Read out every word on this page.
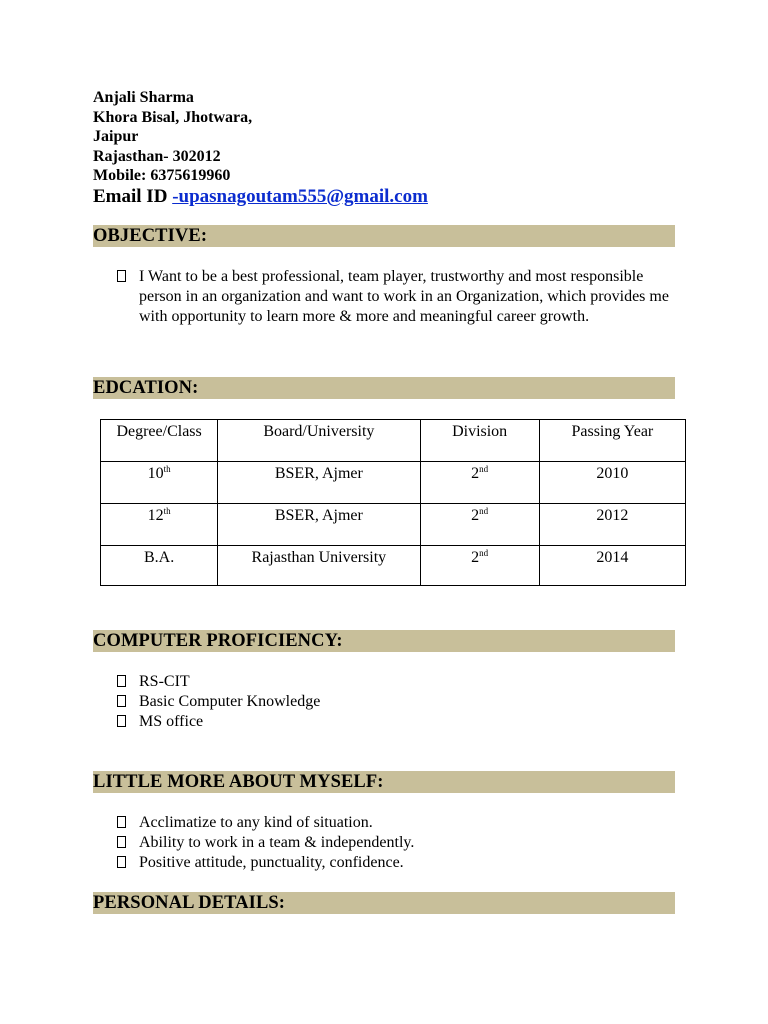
Anjali Sharma
Khora Bisal, Jhotwara,
Jaipur
Rajasthan- 302012
Mobile: 6375619960
Email ID -upasnagoutam555@gmail.com
OBJECTIVE:
I Want to be a best professional, team player, trustworthy and most responsible person in an organization and want to work in an Organization, which provides me with opportunity to learn more & more and meaningful career growth.
EDCATION:
Degree/Class	Board/University	Division	Passing Year
10th	BSER, Ajmer	2nd	2010
12th	BSER, Ajmer	2nd	2012
B.A.	Rajasthan University	2nd	2014
COMPUTER PROFICIENCY:
RS-CIT
Basic Computer Knowledge
MS office
LITTLE MORE ABOUT MYSELF:
Acclimatize to any kind of situation.
Ability to work in a team & independently.
Positive attitude, punctuality, confidence.
PERSONAL DETAILS:
